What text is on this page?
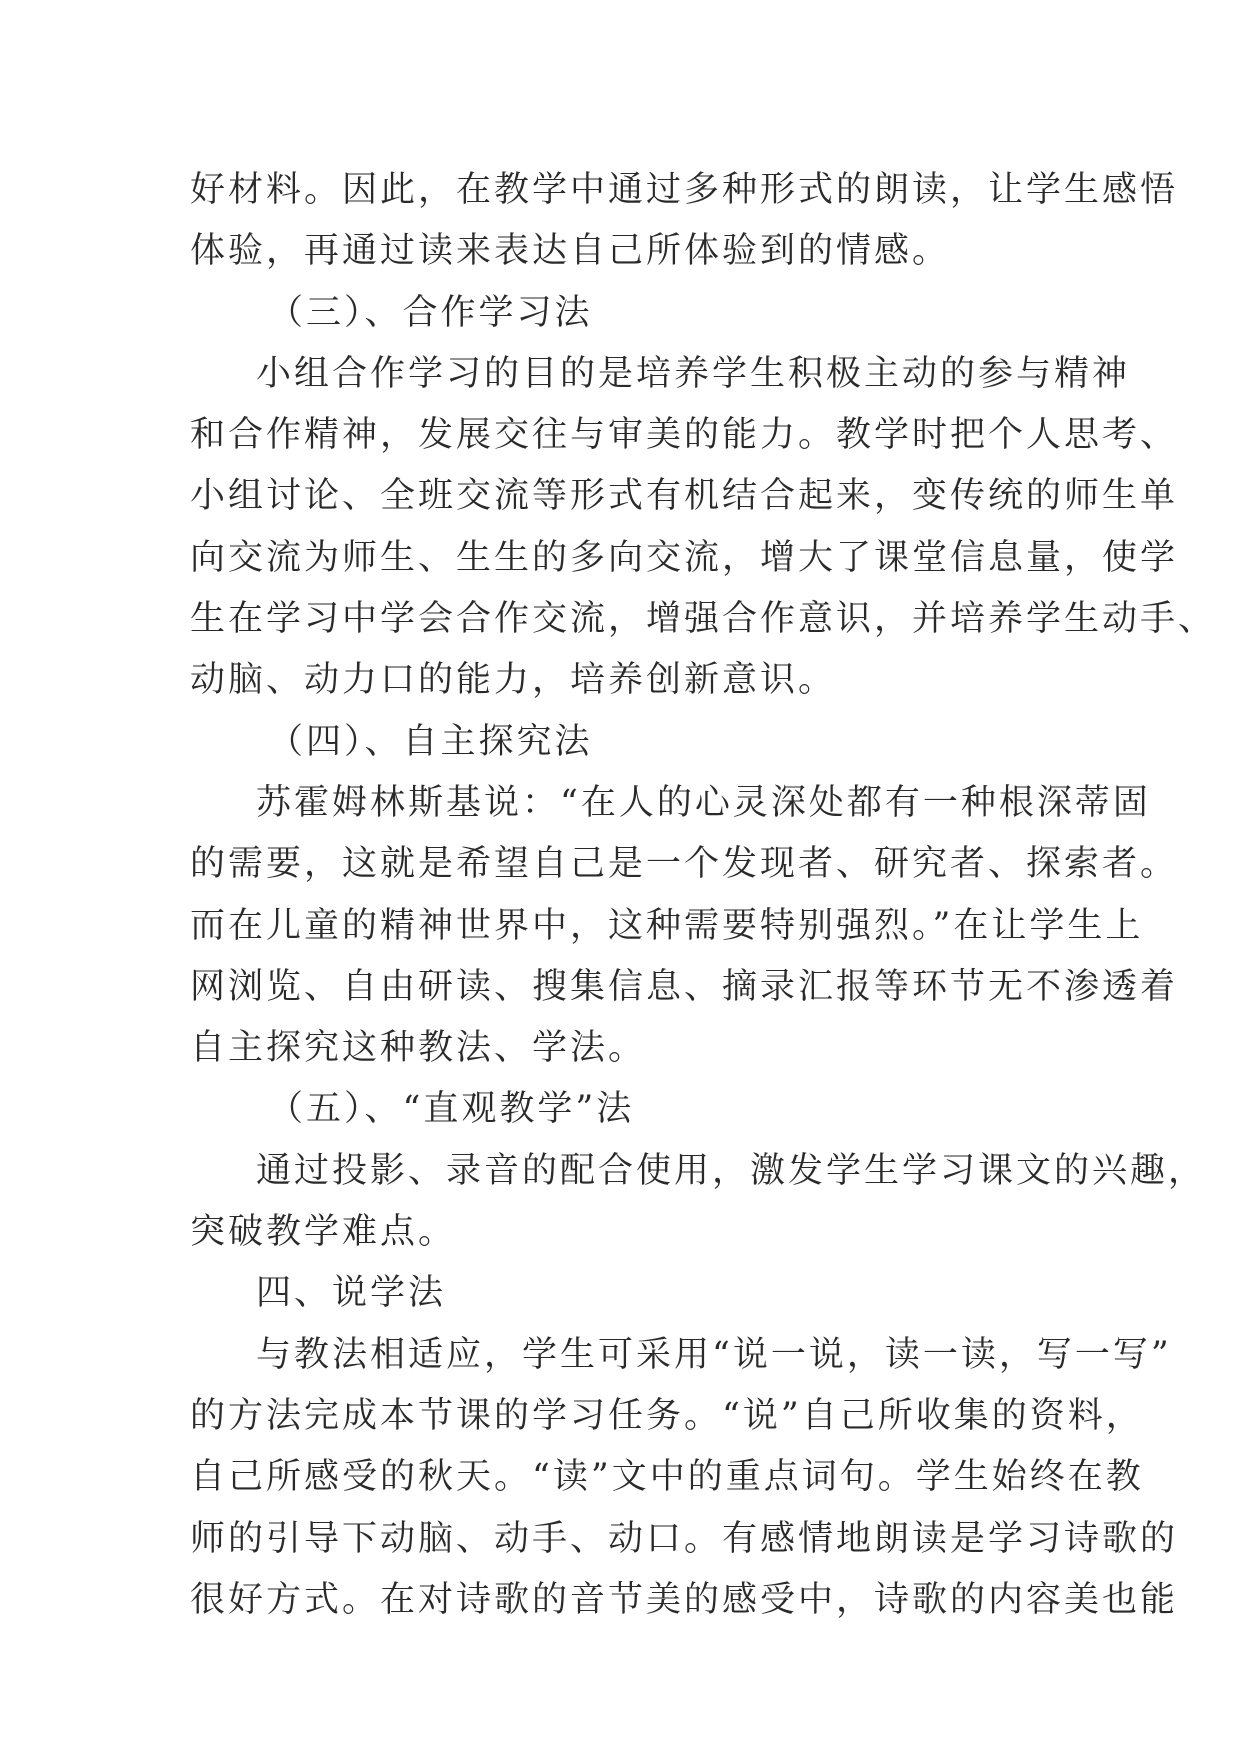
好材料。因此，在教学中通过多种形式的朗读，让学生感悟
体验，再通过读来表达自己所体验到的情感。
（三）、合作学习法
小组合作学习的目的是培养学生积极主动的参与精神
和合作精神，发展交往与审美的能力。教学时把个人思考、
小组讨论、全班交流等形式有机结合起来，变传统的师生单
向交流为师生、生生的多向交流，增大了课堂信息量，使学
生在学习中学会合作交流，增强合作意识，并培养学生动手、
动脑、动力口的能力，培养创新意识。
（四）、自主探究法
苏霍姆林斯基说：“在人的心灵深处都有一种根深蒂固
的需要，这就是希望自己是一个发现者、研究者、探索者。
而在儿童的精神世界中，这种需要特别强烈。”在让学生上
网浏览、自由研读、搜集信息、摘录汇报等环节无不渗透着
自主探究这种教法、学法。
（五）、“直观教学”法
通过投影、录音的配合使用，激发学生学习课文的兴趣，
突破教学难点。
四、说学法
与教法相适应，学生可采用“说一说，读一读，写一写”
的方法完成本节课的学习任务。“说”自己所收集的资料，
自己所感受的秋天。“读”文中的重点词句。学生始终在教
师的引导下动脑、动手、动口。有感情地朗读是学习诗歌的
很好方式。在对诗歌的音节美的感受中，诗歌的内容美也能
